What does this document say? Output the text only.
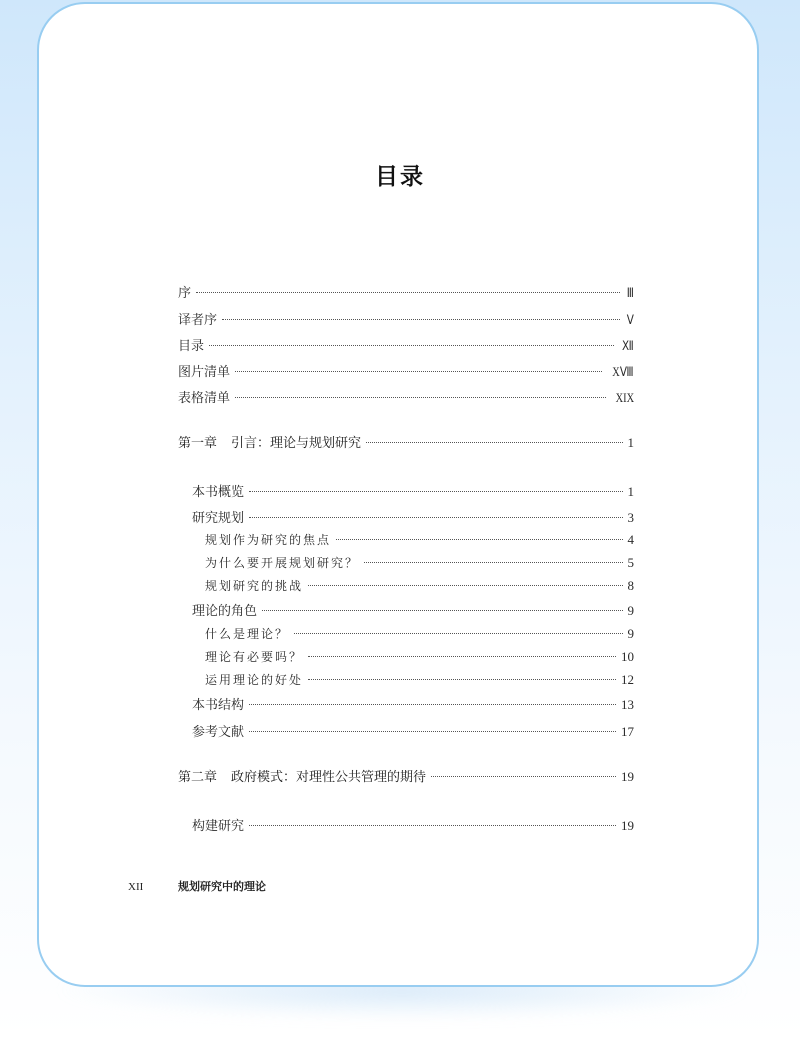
目录
序	Ⅲ
译者序	Ⅴ
目录	Ⅻ
图片清单	XⅧ
表格清单	XIX
第一章 引言：理论与规划研究	1
本书概览	1
研究规划	3
规划作为研究的焦点	4
为什么要开展规划研究？	5
规划研究的挑战	8
理论的角色	9
什么是理论？	9
理论有必要吗？	10
运用理论的好处	12
本书结构	13
参考文献	17
第二章 政府模式：对理性公共管理的期待	19
构建研究	19
XII	规划研究中的理论
